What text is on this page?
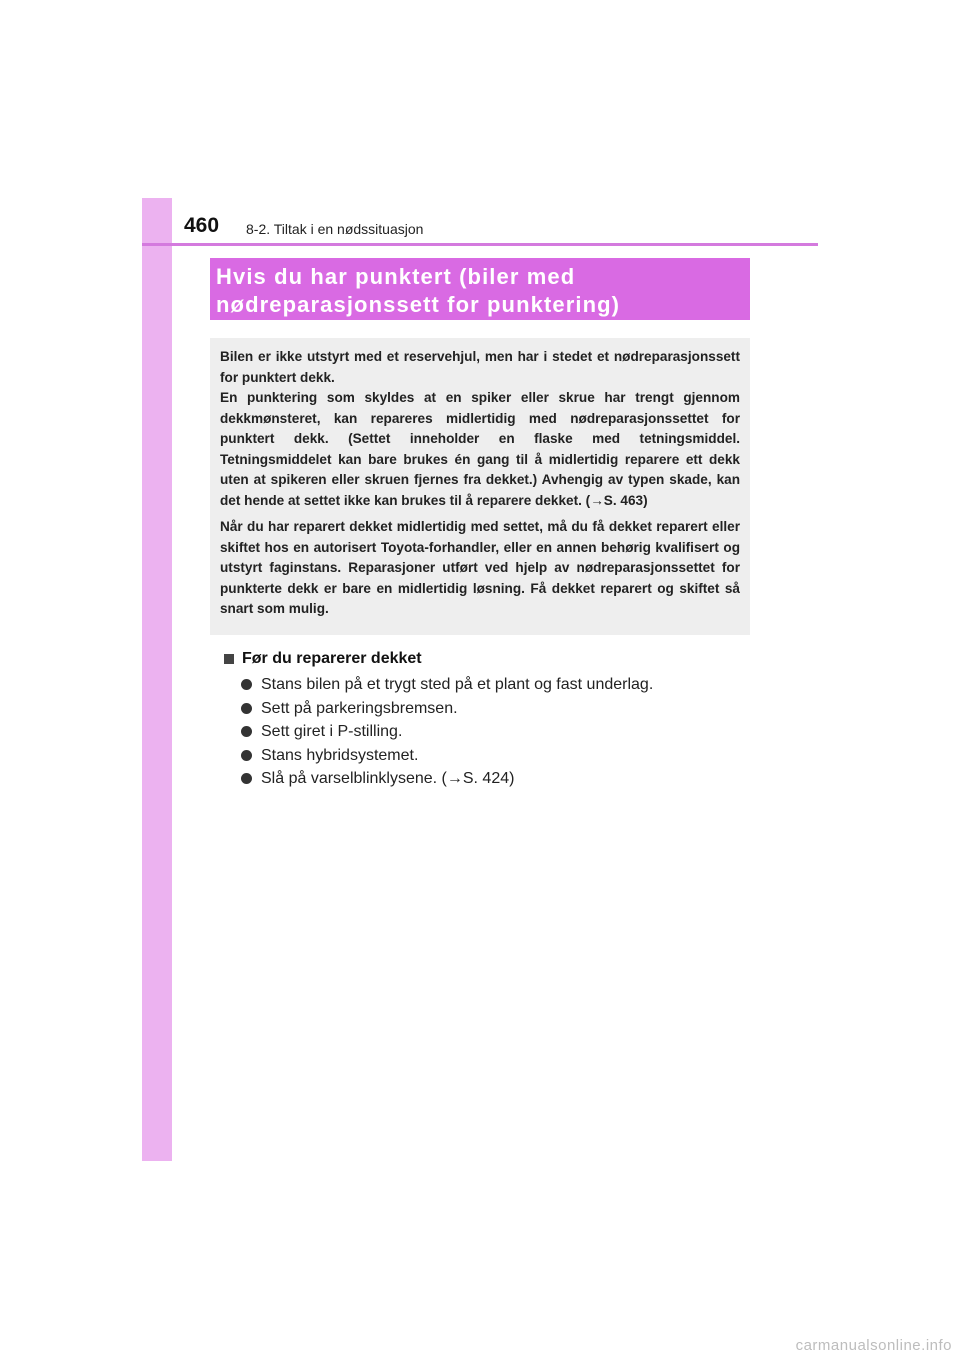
460 8-2. Tiltak i en nødssituasjon
Hvis du har punktert (biler med
nødreparasjonssett for punktering)

Bilen er ikke utstyrt med et reservehjul, men har i stedet et nødreparasjonssett for punktert dekk.
En punktering som skyldes at en spiker eller skrue har trengt gjennom dekkmønsteret, kan repareres midlertidig med nødreparasjonssettet for punktert dekk. (Settet inneholder en flaske med tetningsmiddel. Tetningsmiddelet kan bare brukes én gang til å midlertidig reparere ett dekk uten at spikeren eller skruen fjernes fra dekket.) Avhengig av typen skade, kan det hende at settet ikke kan brukes til å reparere dekket. (→S. 463)

Når du har reparert dekket midlertidig med settet, må du få dekket reparert eller skiftet hos en autorisert Toyota-forhandler, eller en annen behørig kvalifisert og utstyrt faginstans. Reparasjoner utført ved hjelp av nødreparasjonssettet for punkterte dekk er bare en midlertidig løsning. Få dekket reparert og skiftet så snart som mulig.

Før du reparerer dekket
Stans bilen på et trygt sted på et plant og fast underlag.
Sett på parkeringsbremsen.
Sett giret i P-stilling.
Stans hybridsystemet.
Slå på varselblinklysene. (→S. 424)
carmanualsonline.info
